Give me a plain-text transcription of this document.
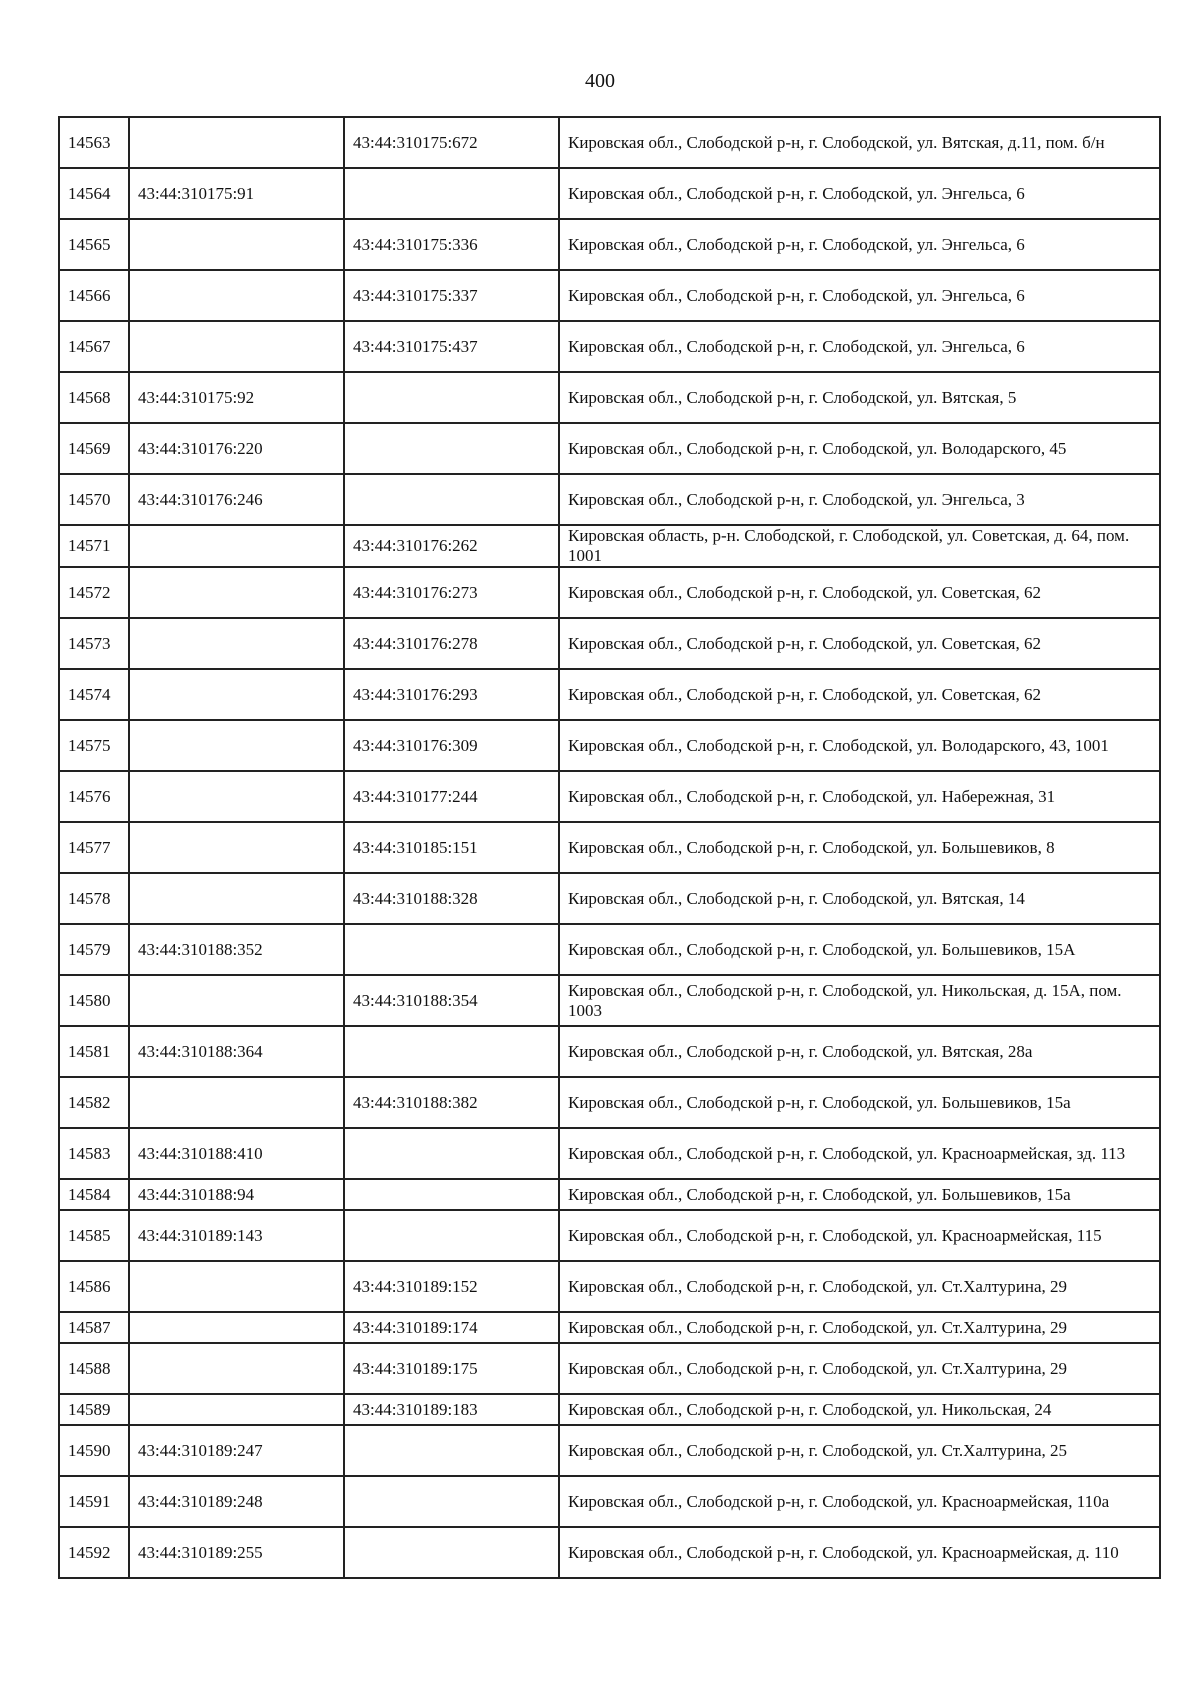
400
14563		43:44:310175:672	Кировская обл., Слободской р-н, г. Слободской, ул. Вятская, д.11, пом. б/н
14564	43:44:310175:91		Кировская обл., Слободской р-н, г. Слободской, ул. Энгельса, 6
14565		43:44:310175:336	Кировская обл., Слободской р-н, г. Слободской, ул. Энгельса, 6
14566		43:44:310175:337	Кировская обл., Слободской р-н, г. Слободской, ул. Энгельса, 6
14567		43:44:310175:437	Кировская обл., Слободской р-н, г. Слободской, ул. Энгельса, 6
14568	43:44:310175:92		Кировская обл., Слободской р-н, г. Слободской, ул. Вятская, 5
14569	43:44:310176:220		Кировская обл., Слободской р-н, г. Слободской, ул. Володарского, 45
14570	43:44:310176:246		Кировская обл., Слободской р-н, г. Слободской, ул. Энгельса, 3
14571		43:44:310176:262	Кировская область, р-н. Слободской, г. Слободской, ул. Советская, д. 64, пом. 1001
14572		43:44:310176:273	Кировская обл., Слободской р-н, г. Слободской, ул. Советская, 62
14573		43:44:310176:278	Кировская обл., Слободской р-н, г. Слободской, ул. Советская, 62
14574		43:44:310176:293	Кировская обл., Слободской р-н, г. Слободской, ул. Советская, 62
14575		43:44:310176:309	Кировская обл., Слободской р-н, г. Слободской, ул. Володарского, 43, 1001
14576		43:44:310177:244	Кировская обл., Слободской р-н, г. Слободской, ул. Набережная, 31
14577		43:44:310185:151	Кировская обл., Слободской р-н, г. Слободской, ул. Большевиков, 8
14578		43:44:310188:328	Кировская обл., Слободской р-н, г. Слободской, ул. Вятская, 14
14579	43:44:310188:352		Кировская обл., Слободской р-н, г. Слободской, ул. Большевиков, 15А
14580		43:44:310188:354	Кировская обл., Слободской р-н, г. Слободской, ул. Никольская, д. 15А, пом. 1003
14581	43:44:310188:364		Кировская обл., Слободской р-н, г. Слободской, ул. Вятская, 28а
14582		43:44:310188:382	Кировская обл., Слободской р-н, г. Слободской, ул. Большевиков, 15а
14583	43:44:310188:410		Кировская обл., Слободской р-н, г. Слободской, ул. Красноармейская, зд. 113
14584	43:44:310188:94		Кировская обл., Слободской р-н, г. Слободской, ул. Большевиков, 15а
14585	43:44:310189:143		Кировская обл., Слободской р-н, г. Слободской, ул. Красноармейская, 115
14586		43:44:310189:152	Кировская обл., Слободской р-н, г. Слободской, ул. Ст.Халтурина, 29
14587		43:44:310189:174	Кировская обл., Слободской р-н, г. Слободской, ул. Ст.Халтурина, 29
14588		43:44:310189:175	Кировская обл., Слободской р-н, г. Слободской, ул. Ст.Халтурина, 29
14589		43:44:310189:183	Кировская обл., Слободской р-н, г. Слободской, ул. Никольская, 24
14590	43:44:310189:247		Кировская обл., Слободской р-н, г. Слободской, ул. Ст.Халтурина, 25
14591	43:44:310189:248		Кировская обл., Слободской р-н, г. Слободской, ул. Красноармейская, 110а
14592	43:44:310189:255		Кировская обл., Слободской р-н, г. Слободской, ул. Красноармейская, д. 110
